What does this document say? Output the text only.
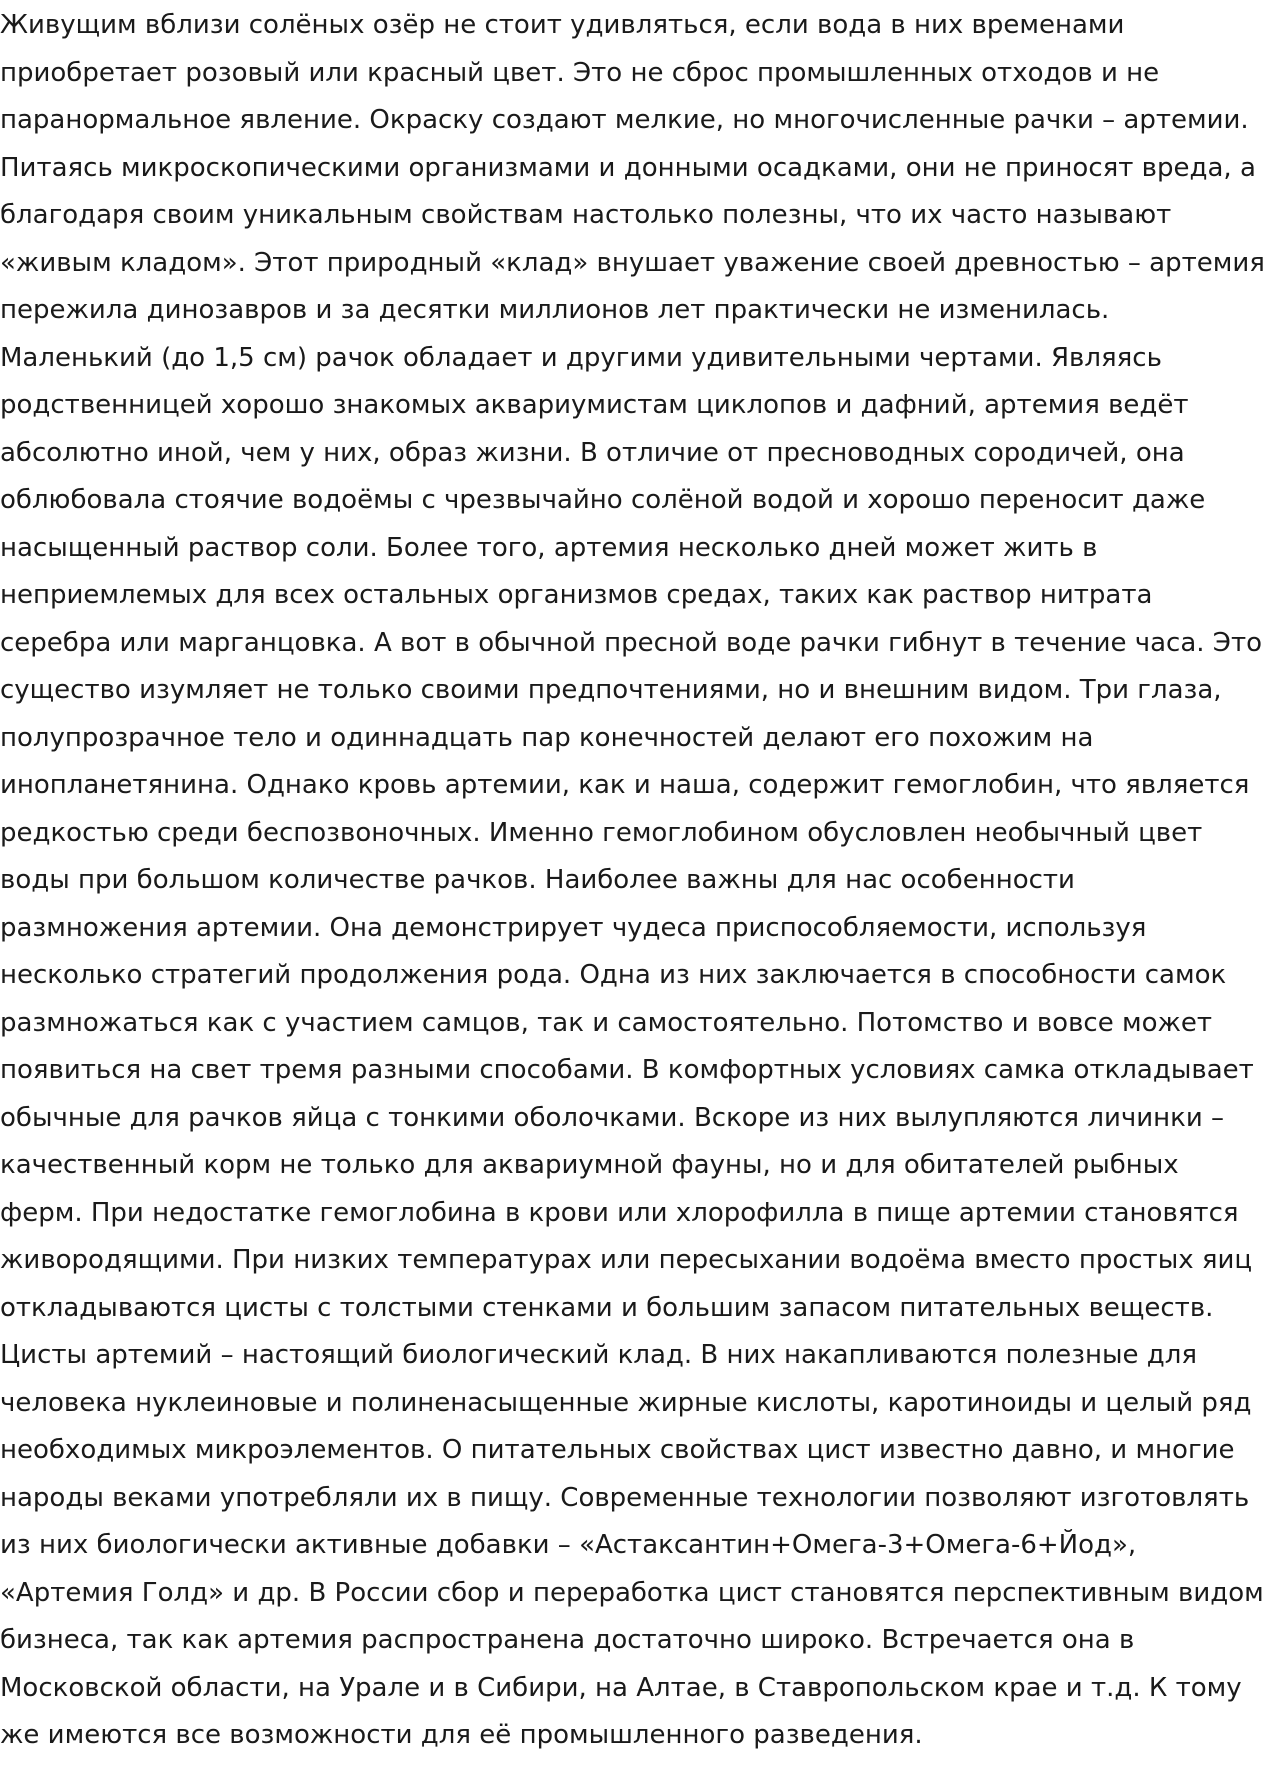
Живущим вблизи солёных озёр не стоит удивляться, если вода в них временами приобретает розовый или красный цвет. Это не сброс промышленных отходов и не паранормальное явление. Окраску создают мелкие, но многочисленные рачки – артемии. Питаясь микроскопическими организмами и донными осадками, они не приносят вреда, а благодаря своим уникальным свойствам настолько полезны, что их часто называют «живым кладом». Этот природный «клад» внушает уважение своей древностью – артемия пережила динозавров и за десятки миллионов лет практически не изменилась. Маленький (до 1,5 см) рачок обладает и другими удивительными чертами. Являясь родственницей хорошо знакомых аквариумистам циклопов и дафний, артемия ведёт абсолютно иной, чем у них, образ жизни. В отличие от пресноводных сородичей, она облюбовала стоячие водоёмы с чрезвычайно солёной водой и хорошо переносит даже насыщенный раствор соли. Более того, артемия несколько дней может жить в неприемлемых для всех остальных организмов средах, таких как раствор нитрата серебра или марганцовка. А вот в обычной пресной воде рачки гибнут в течение часа. Это существо изумляет не только своими предпочтениями, но и внешним видом. Три глаза, полупрозрачное тело и одиннадцать пар конечностей делают его похожим на инопланетянина. Однако кровь артемии, как и наша, содержит гемоглобин, что является редкостью среди беспозвоночных. Именно гемоглобином обусловлен необычный цвет воды при большом количестве рачков. Наиболее важны для нас особенности размножения артемии. Она демонстрирует чудеса приспособляемости, используя несколько стратегий продолжения рода. Одна из них заключается в способности самок размножаться как с участием самцов, так и самостоятельно. Потомство и вовсе может появиться на свет тремя разными способами. В комфортных условиях самка откладывает обычные для рачков яйца с тонкими оболочками. Вскоре из них вылупляются личинки – качественный корм не только для аквариумной фауны, но и для обитателей рыбных ферм. При недостатке гемоглобина в крови или хлорофилла в пище артемии становятся живородящими. При низких температурах или пересыхании водоёма вместо простых яиц откладываются цисты с толстыми стенками и большим запасом питательных веществ.

Цисты артемий – настоящий биологический клад. В них накапливаются полезные для человека нуклеиновые и полиненасыщенные жирные кислоты, каротиноиды и целый ряд необходимых микроэлементов. О питательных свойствах цист известно давно, и многие народы веками употребляли их в пищу. Современные технологии позволяют изготовлять из них биологически активные добавки – «Астаксантин+Омега-3+Омега-6+Йод», «Артемия Голд» и др. В России сбор и переработка цист становятся перспективным видом бизнеса, так как артемия распространена достаточно широко. Встречается она в Московской области, на Урале и в Сибири, на Алтае, в Ставропольском крае и т.д. К тому же имеются все возможности для её промышленного разведения.
